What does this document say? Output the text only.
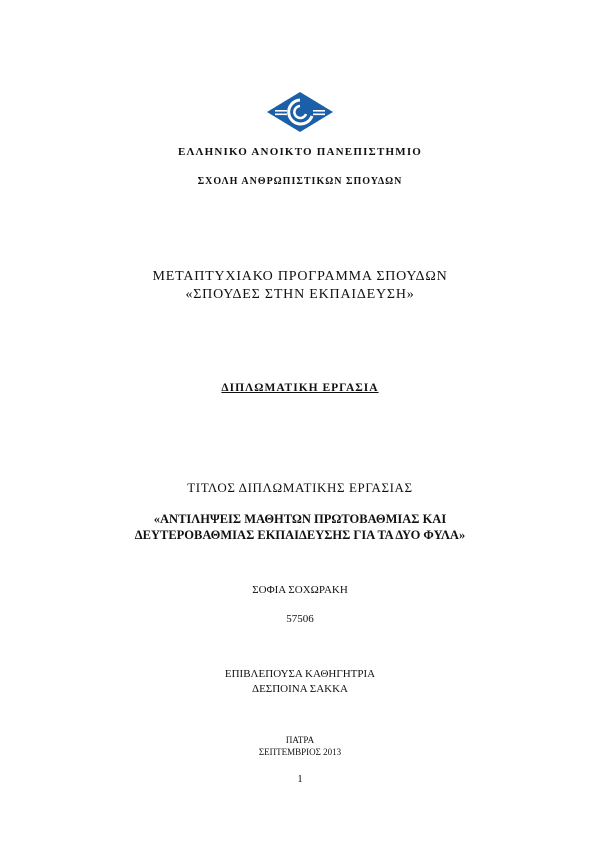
ΕΛΛΗΝΙΚΟ ΑΝΟΙΚΤΟ ΠΑΝΕΠΙΣΤΗΜΙΟ
ΣΧΟΛΗ ΑΝΘΡΩΠΙΣΤΙΚΩΝ ΣΠΟΥΔΩΝ
ΜΕΤΑΠΤΥΧΙΑΚΟ ΠΡΟΓΡΑΜΜΑ ΣΠΟΥΔΩΝ
«ΣΠΟΥΔΕΣ ΣΤΗΝ ΕΚΠΑΙΔΕΥΣΗ»
ΔΙΠΛΩΜΑΤΙΚΗ ΕΡΓΑΣΙΑ
ΤΙΤΛΟΣ ΔΙΠΛΩΜΑΤΙΚΗΣ ΕΡΓΑΣΙΑΣ
«ΑΝΤΙΛΗΨΕΙΣ ΜΑΘΗΤΩΝ ΠΡΩΤΟΒΑΘΜΙΑΣ ΚΑΙ
ΔΕΥΤΕΡΟΒΑΘΜΙΑΣ ΕΚΠΑΙΔΕΥΣΗΣ ΓΙΑ ΤΑ ΔΥΟ ΦΥΛΑ»
ΣΟΦΙΑ ΣΟΧΩΡΑΚΗ
57506
ΕΠΙΒΛΕΠΟΥΣΑ ΚΑΘΗΓΗΤΡΙΑ
ΔΕΣΠΟΙΝΑ ΣΑΚΚΑ
ΠΑΤΡΑ
ΣΕΠΤΕΜΒΡΙΟΣ 2013
1
